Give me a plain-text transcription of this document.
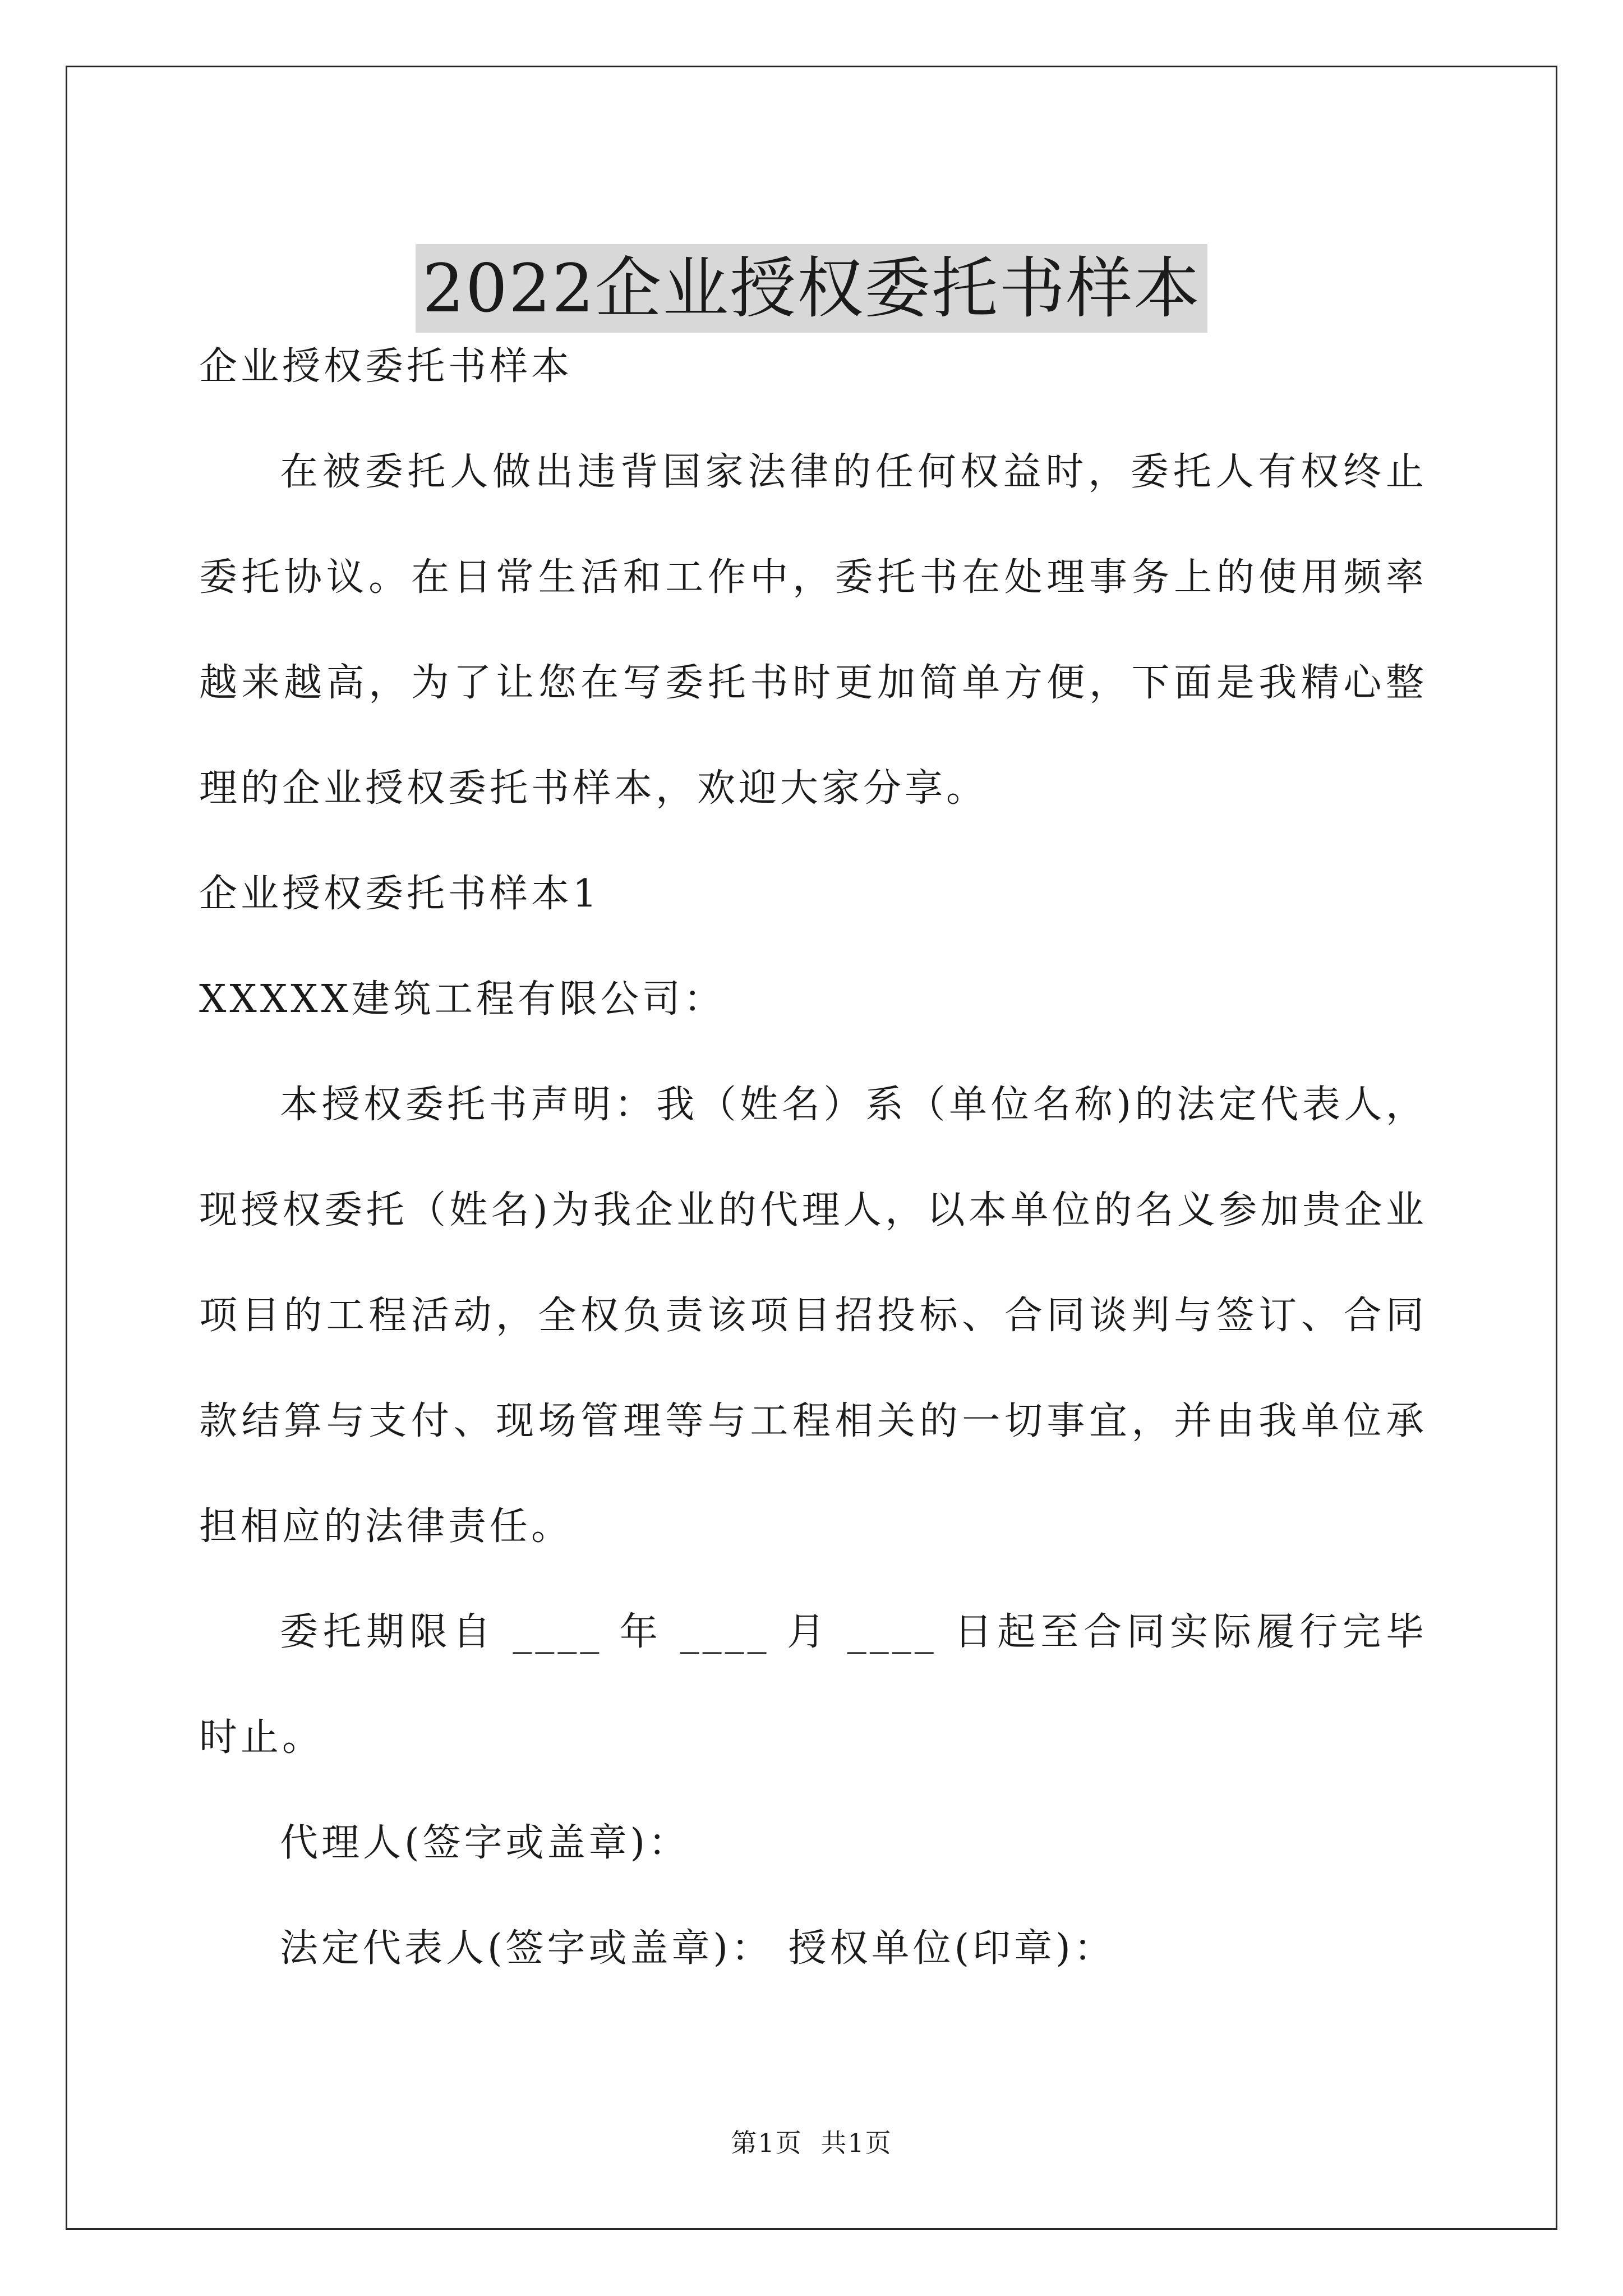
2022企业授权委托书样本

企业授权委托书样本

在被委托人做出违背国家法律的任何权益时，委托人有权终止委托协议。在日常生活和工作中，委托书在处理事务上的使用频率越来越高，为了让您在写委托书时更加简单方便，下面是我精心整理的企业授权委托书样本，欢迎大家分享。

企业授权委托书样本1

XXXXX建筑工程有限公司：

本授权委托书声明：我（姓名）系（单位名称)的法定代表人，现授权委托（姓名)为我企业的代理人，以本单位的名义参加贵企业项目的工程活动，全权负责该项目招投标、合同谈判与签订、合同款结算与支付、现场管理等与工程相关的一切事宜，并由我单位承担相应的法律责任。

委托期限自 ____ 年 ____ 月 ____ 日起至合同实际履行完毕时止。

代理人(签字或盖章)：

法定代表人(签字或盖章)： 授权单位(印章)：

第1页 共1页
